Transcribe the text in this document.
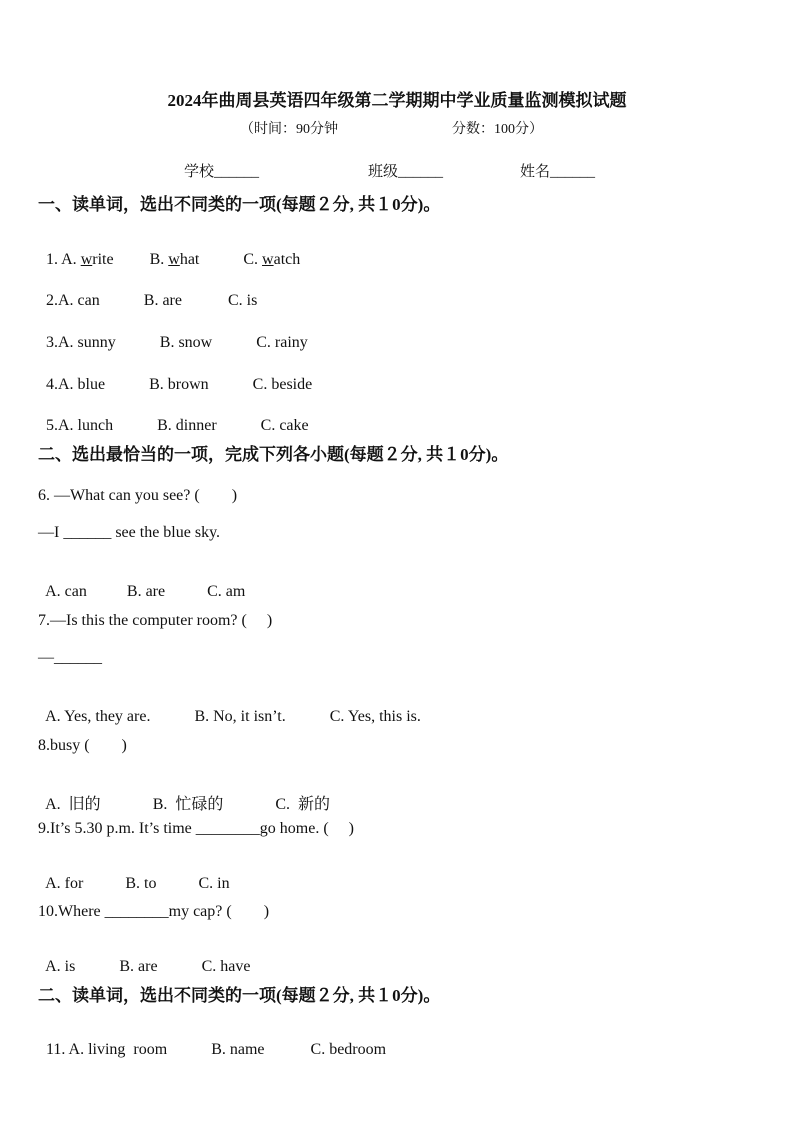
2024年曲周县英语四年级第二学期期中学业质量监测模拟试题
（时间：90分钟	分数：100分）
学校______	班级______	姓名______
一、读单词，选出不同类的一项(每题２分, 共１0分)。

1. A. write B. what	C. watch

2.A. can	B. are	C. is

3.A. sunny	B. snow	C. rainy

4.A. blue	B. brown	C. beside

5.A. lunch	B. dinner	C. cake

二、选出最恰当的一项，完成下列各小题(每题２分, 共１0分)。
6. —What can you see? (　　)
—I ______ see the blue sky.

A. can	B. are	C. am

7.—Is this the computer room? (　 )
—______

A. Yes, they are.	B. No, it isn’t.	C. Yes, this is.

8.busy (　　)

A.  旧的	B.  忙碌的	C.  新的

9.It’s 5.30 p.m. It’s time ________go home. (　 )

A. for	B. to	C. in

10.Where ________my cap? (　　)

A. is	B. are	C. have

二、读单词，选出不同类的一项(每题２分, 共１0分)。

11. A. living  room	B. name	C. bedroom
